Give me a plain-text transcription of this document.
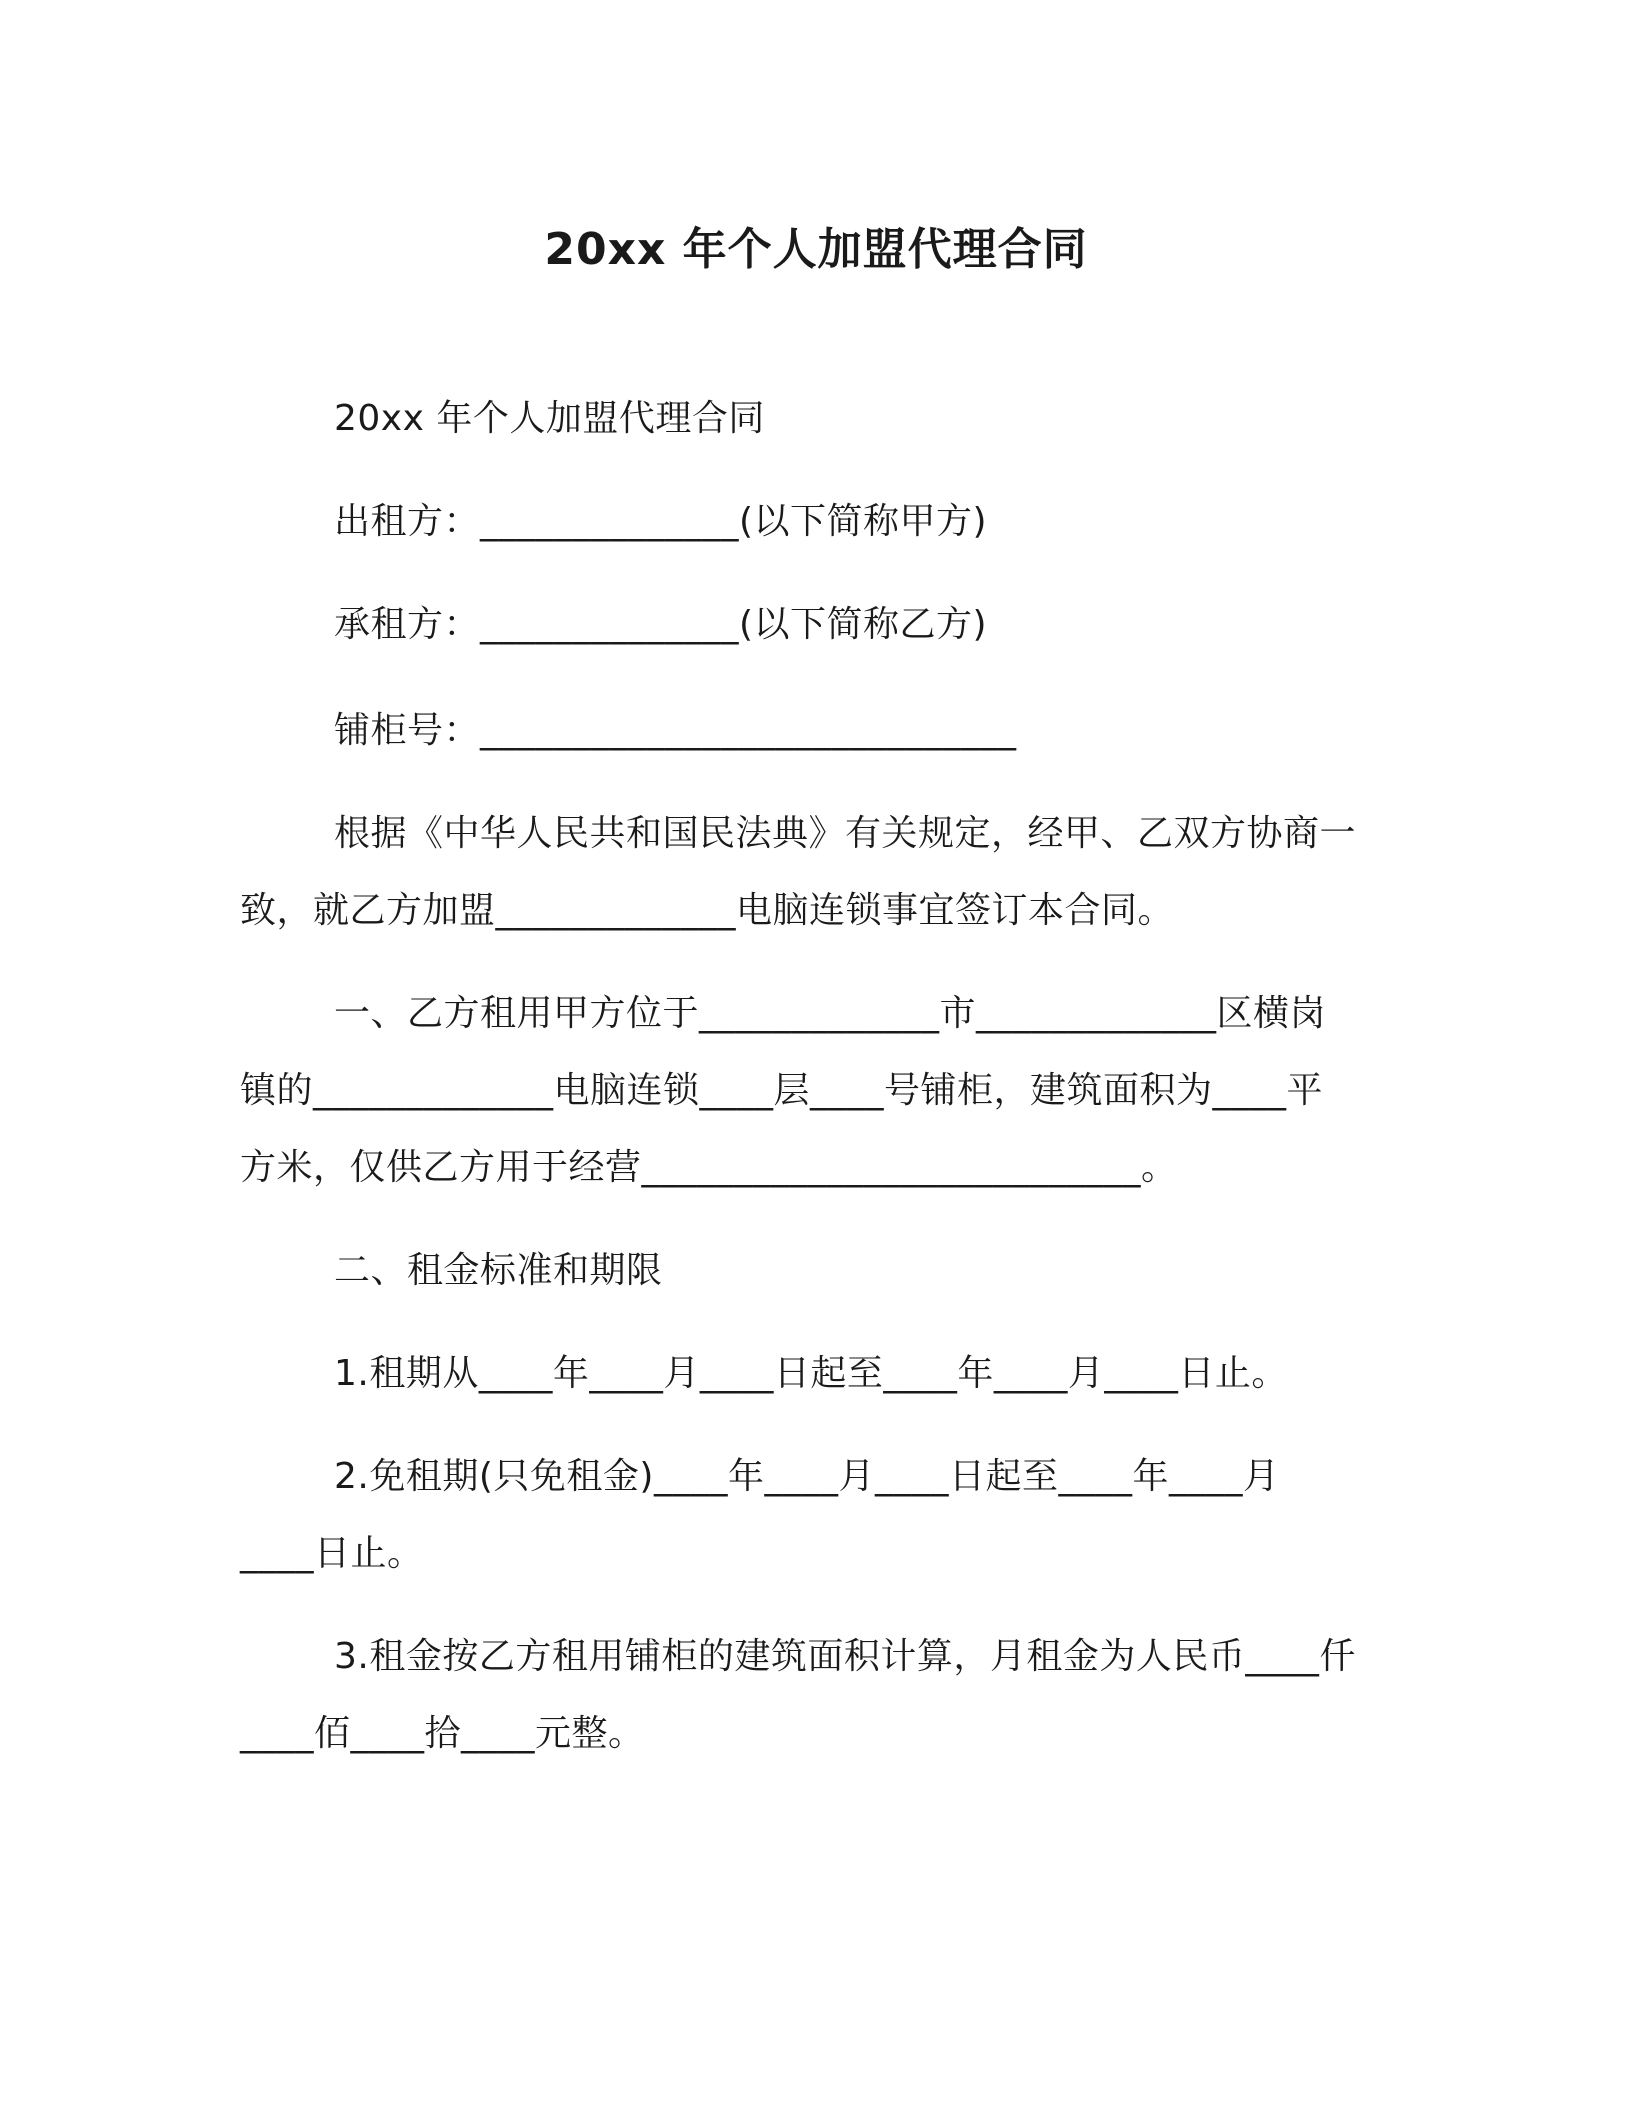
20xx 年个人加盟代理合同
20xx 年个人加盟代理合同
出租方：______________(以下简称甲方)
承租方：______________(以下简称乙方)
铺柜号：_____________________________
根据《中华人民共和国民法典》有关规定，经甲、乙双方协商一
致，就乙方加盟_____________电脑连锁事宜签订本合同。
一、乙方租用甲方位于_____________市_____________区横岗
镇的_____________电脑连锁____层____号铺柜，建筑面积为____平
方米，仅供乙方用于经营___________________________。
二、租金标准和期限
1.租期从____年____月____日起至____年____月____日止。
2.免租期(只免租金)____年____月____日起至____年____月
____日止。
3.租金按乙方租用铺柜的建筑面积计算，月租金为人民币____仟
____佰____拾____元整。
